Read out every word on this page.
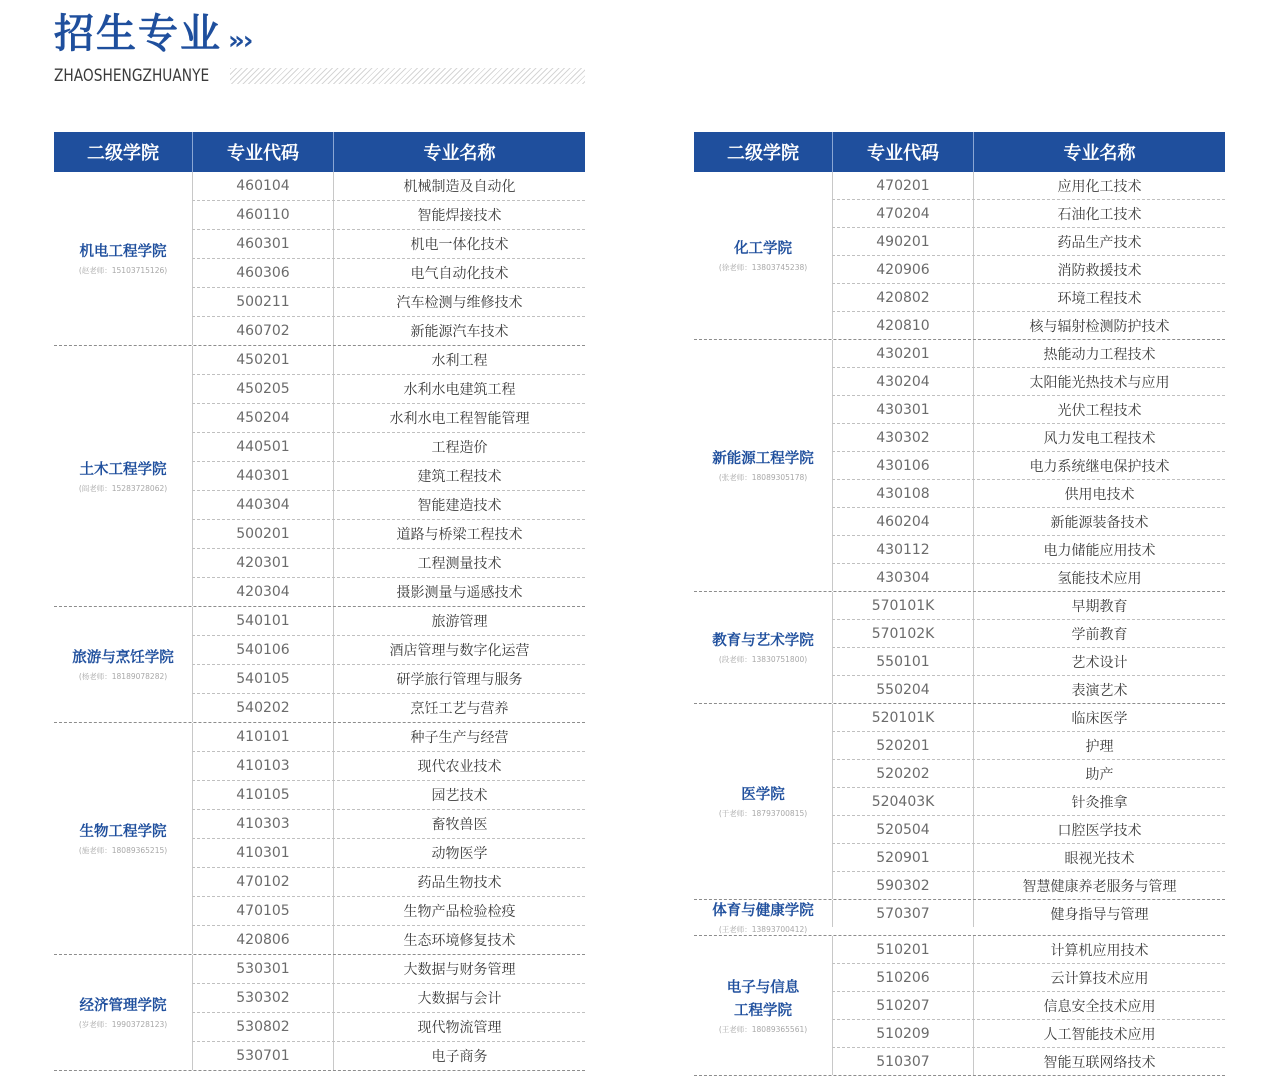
招生专业 »›
ZHAOSHENGZHUANYE
二级学院	专业代码	专业名称
机电工程学院
(赵老师：15103715126)
460104	机械制造及自动化
460110	智能焊接技术
460301	机电一体化技术
460306	电气自动化技术
500211	汽车检测与维修技术
460702	新能源汽车技术
土木工程学院
(阎老师：15283728062)
450201	水利工程
450205	水利水电建筑工程
450204	水利水电工程智能管理
440501	工程造价
440301	建筑工程技术
440304	智能建造技术
500201	道路与桥梁工程技术
420301	工程测量技术
420304	摄影测量与遥感技术
旅游与烹饪学院
(杨老师：18189078282)
540101	旅游管理
540106	酒店管理与数字化运营
540105	研学旅行管理与服务
540202	烹饪工艺与营养
生物工程学院
(施老师：18089365215)
410101	种子生产与经营
410103	现代农业技术
410105	园艺技术
410303	畜牧兽医
410301	动物医学
470102	药品生物技术
470105	生物产品检验检疫
420806	生态环境修复技术
经济管理学院
(岁老师：19903728123)
530301	大数据与财务管理
530302	大数据与会计
530802	现代物流管理
530701	电子商务
二级学院	专业代码	专业名称
化工学院
(徐老师：13803745238)
470201	应用化工技术
470204	石油化工技术
490201	药品生产技术
420906	消防救援技术
420802	环境工程技术
420810	核与辐射检测防护技术
新能源工程学院
(张老师：18089305178)
430201	热能动力工程技术
430204	太阳能光热技术与应用
430301	光伏工程技术
430302	风力发电工程技术
430106	电力系统继电保护技术
430108	供用电技术
460204	新能源装备技术
430112	电力储能应用技术
430304	氢能技术应用
教育与艺术学院
(段老师：13830751800)
570101K	早期教育
570102K	学前教育
550101	艺术设计
550204	表演艺术
医学院
(于老师：18793700815)
520101K	临床医学
520201	护理
520202	助产
520403K	针灸推拿
520504	口腔医学技术
520901	眼视光技术
590302	智慧健康养老服务与管理
体育与健康学院
(王老师：13893700412)
570307	健身指导与管理
电子与信息
工程学院
(王老师：18089365561)
510201	计算机应用技术
510206	云计算技术应用
510207	信息安全技术应用
510209	人工智能技术应用
510307	智能互联网络技术
